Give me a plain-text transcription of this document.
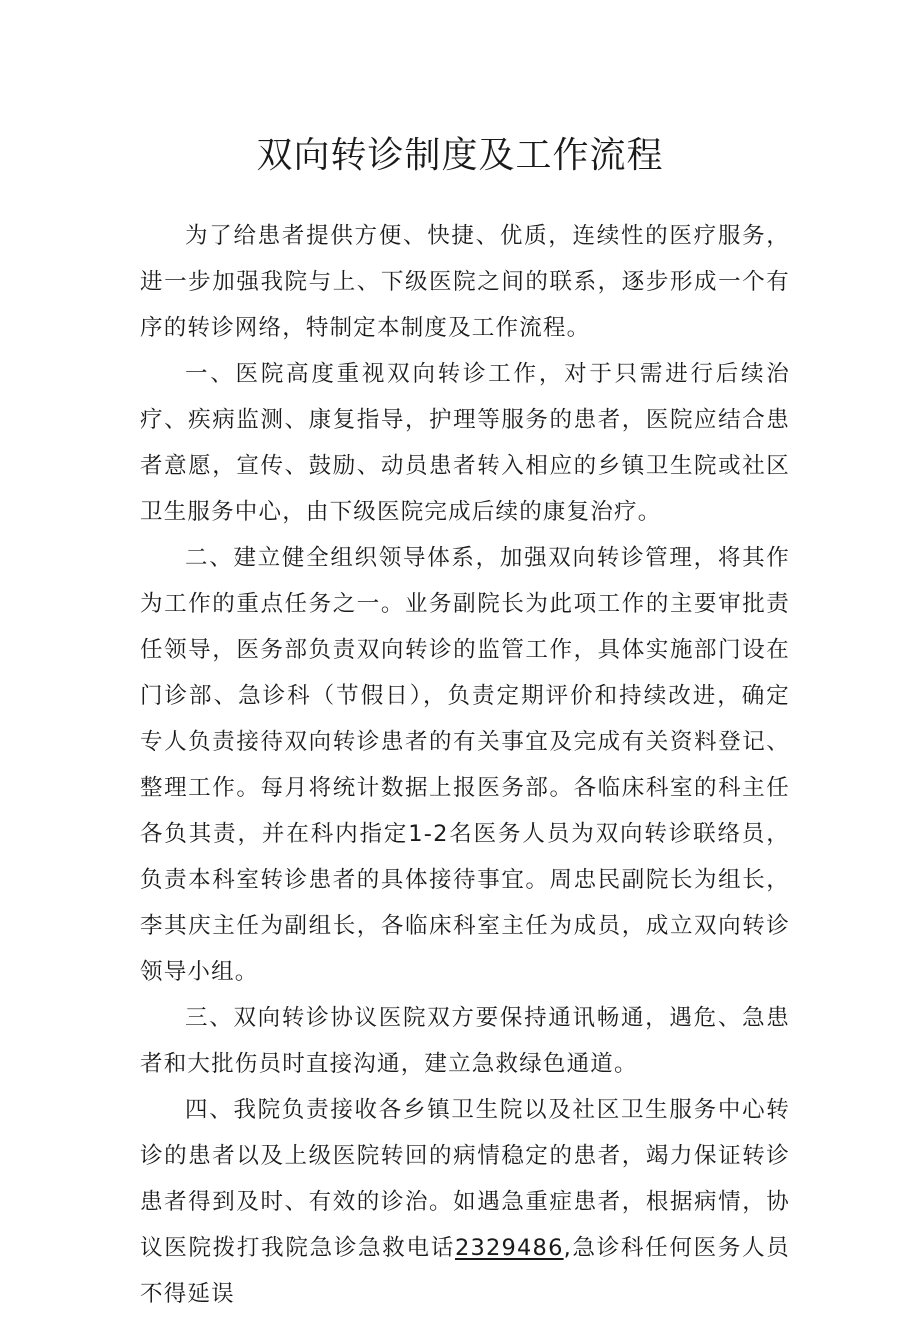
双向转诊制度及工作流程

为了给患者提供方便、快捷、优质，连续性的医疗服务，进一步加强我院与上、下级医院之间的联系，逐步形成一个有序的转诊网络，特制定本制度及工作流程。

一、医院高度重视双向转诊工作，对于只需进行后续治疗、疾病监测、康复指导，护理等服务的患者，医院应结合患者意愿，宣传、鼓励、动员患者转入相应的乡镇卫生院或社区卫生服务中心，由下级医院完成后续的康复治疗。

二、建立健全组织领导体系，加强双向转诊管理，将其作为工作的重点任务之一。业务副院长为此项工作的主要审批责任领导，医务部负责双向转诊的监管工作，具体实施部门设在门诊部、急诊科（节假日），负责定期评价和持续改进，确定专人负责接待双向转诊患者的有关事宜及完成有关资料登记、整理工作。每月将统计数据上报医务部。各临床科室的科主任各负其责，并在科内指定1-2名医务人员为双向转诊联络员，负责本科室转诊患者的具体接待事宜。周忠民副院长为组长，李其庆主任为副组长，各临床科室主任为成员，成立双向转诊领导小组。

三、双向转诊协议医院双方要保持通讯畅通，遇危、急患者和大批伤员时直接沟通，建立急救绿色通道。

四、我院负责接收各乡镇卫生院以及社区卫生服务中心转诊的患者以及上级医院转回的病情稳定的患者，竭力保证转诊患者得到及时、有效的诊治。如遇急重症患者，根据病情，协议医院拨打我院急诊急救电话2329486,急诊科任何医务人员不得延误
